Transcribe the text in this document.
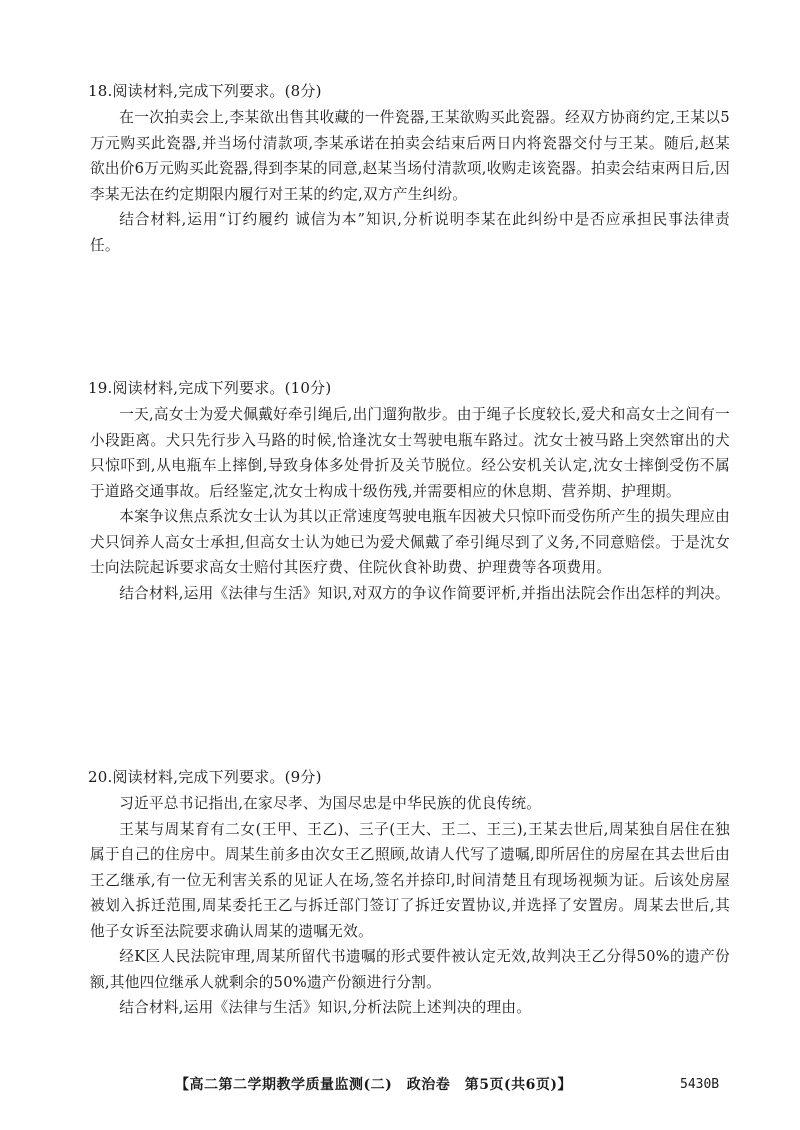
18.阅读材料,完成下列要求。(8分)

在一次拍卖会上,李某欲出售其收藏的一件瓷器,王某欲购买此瓷器。经双方协商约定,王某以5万元购买此瓷器,并当场付清款项,李某承诺在拍卖会结束后两日内将瓷器交付与王某。随后,赵某欲出价6万元购买此瓷器,得到李某的同意,赵某当场付清款项,收购走该瓷器。拍卖会结束两日后,因李某无法在约定期限内履行对王某的约定,双方产生纠纷。

结合材料,运用“订约履约 诚信为本”知识,分析说明李某在此纠纷中是否应承担民事法律责任。

19.阅读材料,完成下列要求。(10分)

一天,高女士为爱犬佩戴好牵引绳后,出门遛狗散步。由于绳子长度较长,爱犬和高女士之间有一小段距离。犬只先行步入马路的时候,恰逢沈女士驾驶电瓶车路过。沈女士被马路上突然窜出的犬只惊吓到,从电瓶车上摔倒,导致身体多处骨折及关节脱位。经公安机关认定,沈女士摔倒受伤不属于道路交通事故。后经鉴定,沈女士构成十级伤残,并需要相应的休息期、营养期、护理期。

本案争议焦点系沈女士认为其以正常速度驾驶电瓶车因被犬只惊吓而受伤所产生的损失理应由犬只饲养人高女士承担,但高女士认为她已为爱犬佩戴了牵引绳尽到了义务,不同意赔偿。于是沈女士向法院起诉要求高女士赔付其医疗费、住院伙食补助费、护理费等各项费用。

结合材料,运用《法律与生活》知识,对双方的争议作简要评析,并指出法院会作出怎样的判决。

20.阅读材料,完成下列要求。(9分)

习近平总书记指出,在家尽孝、为国尽忠是中华民族的优良传统。

王某与周某育有二女(王甲、王乙)、三子(王大、王二、王三),王某去世后,周某独自居住在独属于自己的住房中。周某生前多由次女王乙照顾,故请人代写了遗嘱,即所居住的房屋在其去世后由王乙继承,有一位无利害关系的见证人在场,签名并捺印,时间清楚且有现场视频为证。后该处房屋被划入拆迁范围,周某委托王乙与拆迁部门签订了拆迁安置协议,并选择了安置房。周某去世后,其他子女诉至法院要求确认周某的遗嘱无效。

经K区人民法院审理,周某所留代书遗嘱的形式要件被认定无效,故判决王乙分得50%的遗产份额,其他四位继承人就剩余的50%遗产份额进行分割。

结合材料,运用《法律与生活》知识,分析法院上述判决的理由。

【高二第二学期教学质量监测(二)　政治卷　第5页(共6页)】	5430B
